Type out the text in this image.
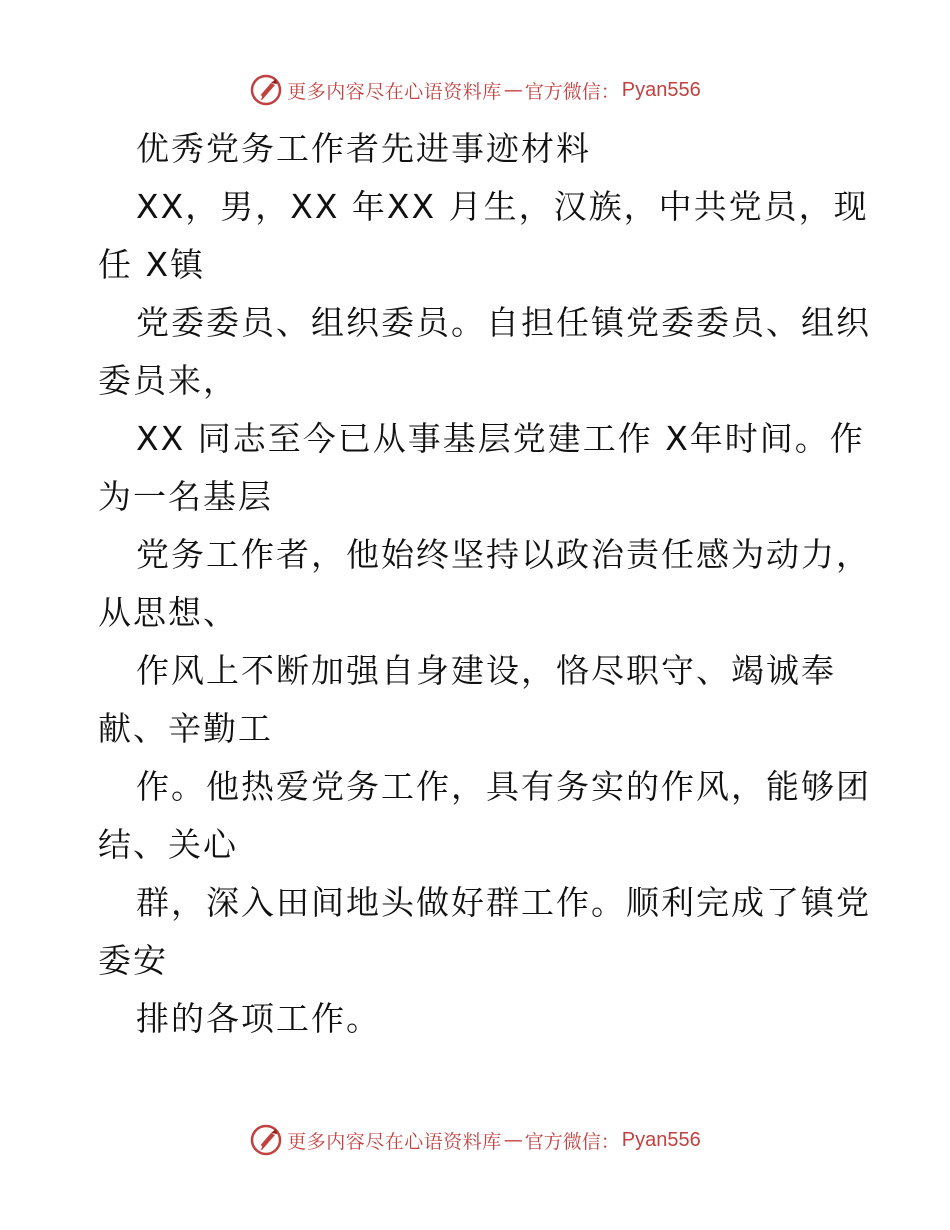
更多内容尽在心语资料库 — 官方微信： Pyan556
优秀党务工作者先进事迹材料
XX，男，XX 年XX 月生，汉族，中共党员，现
任 X镇
党委委员、组织委员。自担任镇党委委员、组织
委员来，
XX 同志至今已从事基层党建工作 X年时间。作
为一名基层
党务工作者，他始终坚持以政治责任感为动力，
从思想、
作风上不断加强自身建设，恪尽职守、竭诚奉
献、辛勤工
作。他热爱党务工作，具有务实的作风，能够团
结、关心
群，深入田间地头做好群工作。顺利完成了镇党
委安
排的各项工作。
更多内容尽在心语资料库 — 官方微信： Pyan556
